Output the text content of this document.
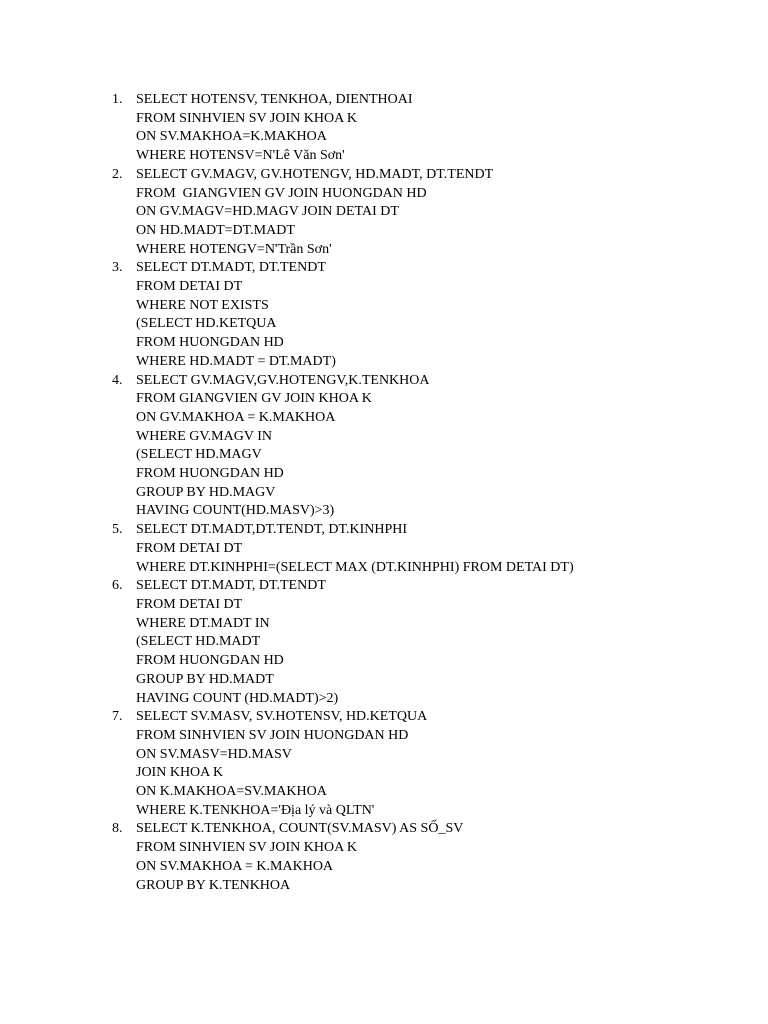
1. SELECT HOTENSV, TENKHOA, DIENTHOAI
FROM SINHVIEN SV JOIN KHOA K
ON SV.MAKHOA=K.MAKHOA
WHERE HOTENSV=N'Lê Văn Sơn'
2. SELECT GV.MAGV, GV.HOTENGV, HD.MADT, DT.TENDT
FROM  GIANGVIEN GV JOIN HUONGDAN HD
ON GV.MAGV=HD.MAGV JOIN DETAI DT
ON HD.MADT=DT.MADT
WHERE HOTENGV=N'Trần Sơn'
3. SELECT DT.MADT, DT.TENDT
FROM DETAI DT
WHERE NOT EXISTS
(SELECT HD.KETQUA
FROM HUONGDAN HD
WHERE HD.MADT = DT.MADT)
4. SELECT GV.MAGV,GV.HOTENGV,K.TENKHOA
FROM GIANGVIEN GV JOIN KHOA K
ON GV.MAKHOA = K.MAKHOA
WHERE GV.MAGV IN
(SELECT HD.MAGV
FROM HUONGDAN HD
GROUP BY HD.MAGV
HAVING COUNT(HD.MASV)>3)
5. SELECT DT.MADT,DT.TENDT, DT.KINHPHI
FROM DETAI DT
WHERE DT.KINHPHI=(SELECT MAX (DT.KINHPHI) FROM DETAI DT)
6. SELECT DT.MADT, DT.TENDT
FROM DETAI DT
WHERE DT.MADT IN
(SELECT HD.MADT
FROM HUONGDAN HD
GROUP BY HD.MADT
HAVING COUNT (HD.MADT)>2)
7. SELECT SV.MASV, SV.HOTENSV, HD.KETQUA
FROM SINHVIEN SV JOIN HUONGDAN HD
ON SV.MASV=HD.MASV
JOIN KHOA K
ON K.MAKHOA=SV.MAKHOA
WHERE K.TENKHOA='Địa lý và QLTN'
8. SELECT K.TENKHOA, COUNT(SV.MASV) AS SỐ_SV
FROM SINHVIEN SV JOIN KHOA K
ON SV.MAKHOA = K.MAKHOA
GROUP BY K.TENKHOA
